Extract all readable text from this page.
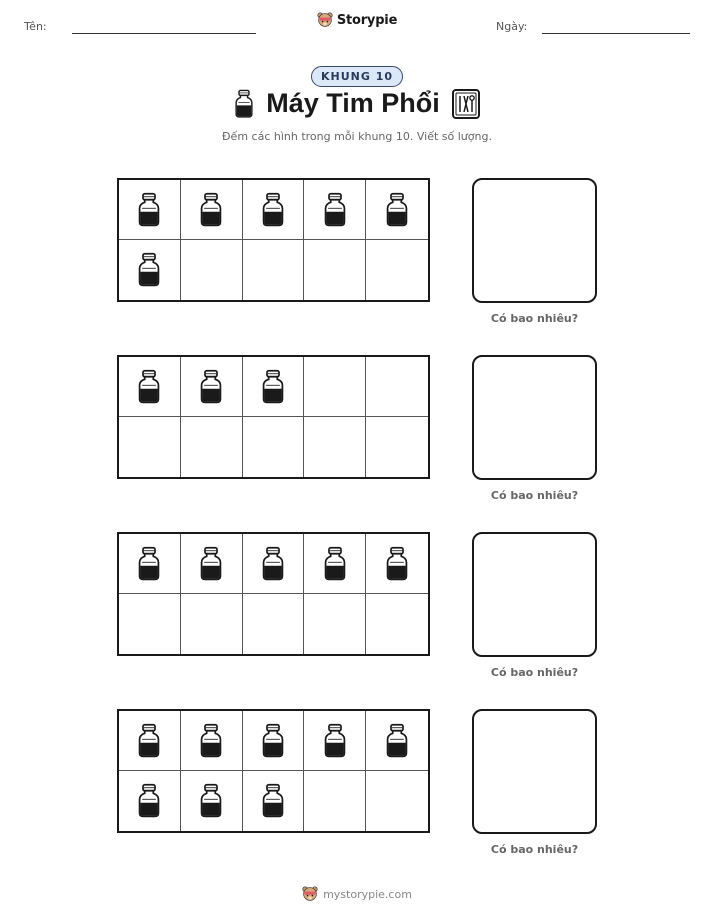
Tên:	Storypie	Ngày:
KHUNG 10
Máy Tim Phổi
Đếm các hình trong mỗi khung 10. Viết số lượng.
Có bao nhiêu?
Có bao nhiêu?
Có bao nhiêu?
Có bao nhiêu?
mystorypie.com
